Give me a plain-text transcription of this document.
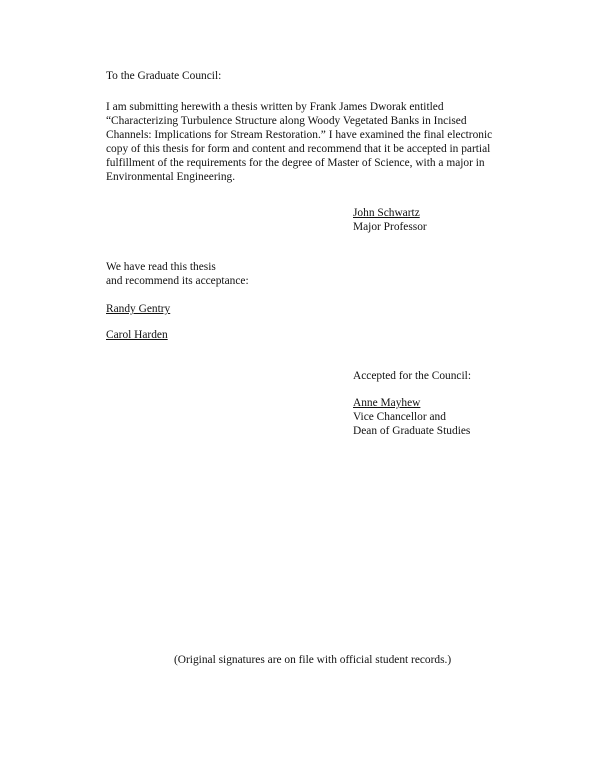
To the Graduate Council:

I am submitting herewith a thesis written by Frank James Dworak entitled

“Characterizing Turbulence Structure along Woody Vegetated Banks in Incised

Channels: Implications for Stream Restoration.” I have examined the final electronic

copy of this thesis for form and content and recommend that it be accepted in partial

fulfillment of the requirements for the degree of Master of Science, with a major in

Environmental Engineering.

John Schwartz

Major Professor

We have read this thesis

and recommend its acceptance:

Randy Gentry

Carol Harden

Accepted for the Council:

Anne Mayhew

Vice Chancellor and

Dean of Graduate Studies

(Original signatures are on file with official student records.)
